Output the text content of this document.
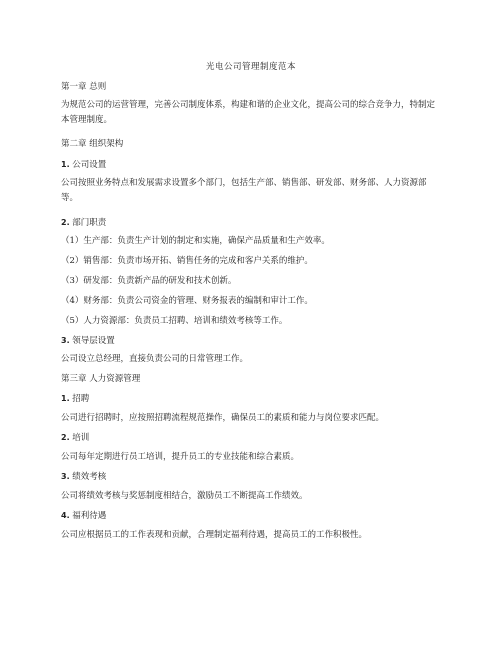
光电公司管理制度范本
第一章 总则
为规范公司的运营管理，完善公司制度体系，构建和谐的企业文化，提高公司的综合竞争力，特制定本管理制度。
第二章 组织架构
1. 公司设置
公司按照业务特点和发展需求设置多个部门，包括生产部、销售部、研发部、财务部、人力资源部等。
2. 部门职责
（1）生产部：负责生产计划的制定和实施，确保产品质量和生产效率。
（2）销售部：负责市场开拓、销售任务的完成和客户关系的维护。
（3）研发部：负责新产品的研发和技术创新。
（4）财务部：负责公司资金的管理、财务报表的编制和审计工作。
（5）人力资源部：负责员工招聘、培训和绩效考核等工作。
3. 领导层设置
公司设立总经理，直接负责公司的日常管理工作。
第三章 人力资源管理
1. 招聘
公司进行招聘时，应按照招聘流程规范操作，确保员工的素质和能力与岗位要求匹配。
2. 培训
公司每年定期进行员工培训，提升员工的专业技能和综合素质。
3. 绩效考核
公司将绩效考核与奖惩制度相结合，激励员工不断提高工作绩效。
4. 福利待遇
公司应根据员工的工作表现和贡献，合理制定福利待遇，提高员工的工作积极性。
